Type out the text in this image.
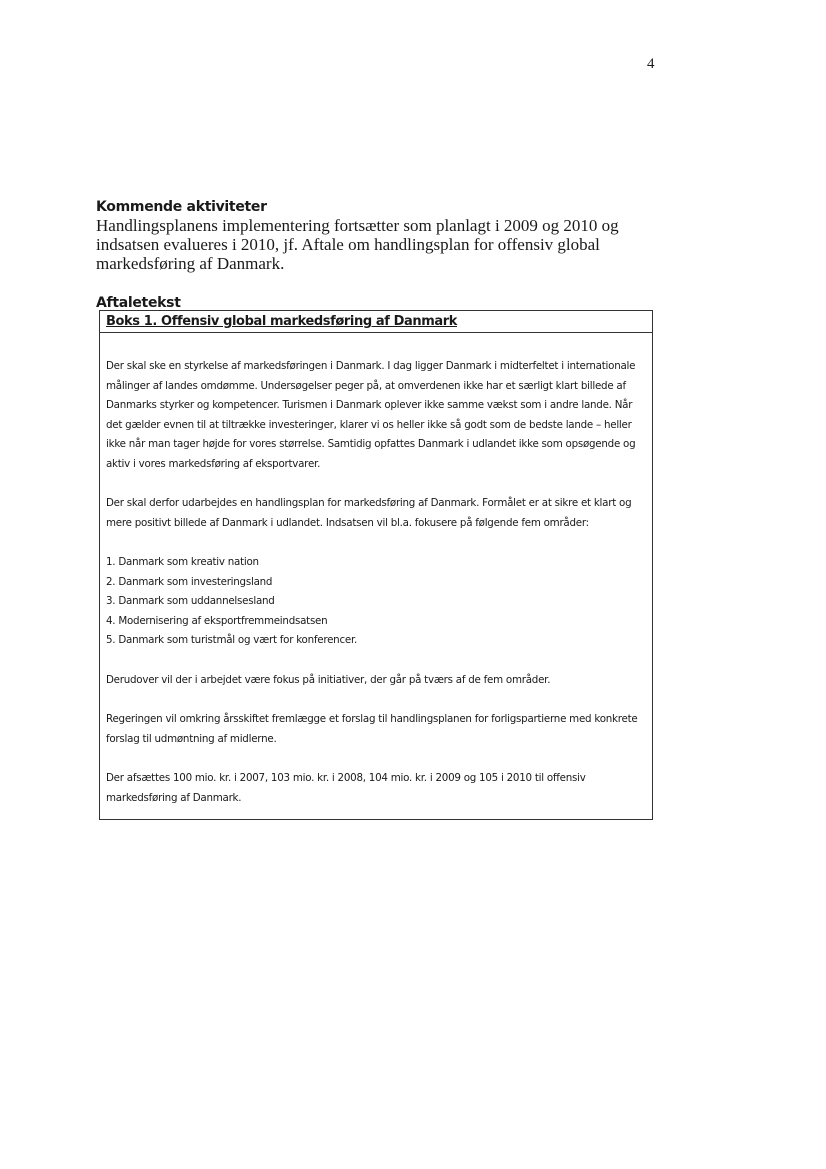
4
Kommende aktiviteter
Handlingsplanens implementering fortsætter som planlagt i 2009 og 2010 og indsatsen evalueres i 2010, jf. Aftale om handlingsplan for offensiv global markedsføring af Danmark.
Aftaletekst
Boks 1. Offensiv global markedsføring af Danmark

Der skal ske en styrkelse af markedsføringen i Danmark. I dag ligger Danmark i midterfeltet i internationale målinger af landes omdømme. Undersøgelser peger på, at omverdenen ikke har et særligt klart billede af Danmarks styrker og kompetencer. Turismen i Danmark oplever ikke samme vækst som i andre lande. Når det gælder evnen til at tiltrække investeringer, klarer vi os heller ikke så godt som de bedste lande – heller ikke når man tager højde for vores størrelse. Samtidig opfattes Danmark i udlandet ikke som opsøgende og aktiv i vores markedsføring af eksportvarer.

Der skal derfor udarbejdes en handlingsplan for markedsføring af Danmark. Formålet er at sikre et klart og mere positivt billede af Danmark i udlandet. Indsatsen vil bl.a. fokusere på følgende fem områder:

1. Danmark som kreativ nation
2. Danmark som investeringsland
3. Danmark som uddannelsesland
4. Modernisering af eksportfremmeindsatsen
5. Danmark som turistmål og vært for konferencer.

Derudover vil der i arbejdet være fokus på initiativer, der går på tværs af de fem områder.

Regeringen vil omkring årsskiftet fremlægge et forslag til handlingsplanen for forligspartierne med konkrete forslag til udmøntning af midlerne.

Der afsættes 100 mio. kr. i 2007, 103 mio. kr. i 2008, 104 mio. kr. i 2009 og 105 i 2010 til offensiv markedsføring af Danmark.
